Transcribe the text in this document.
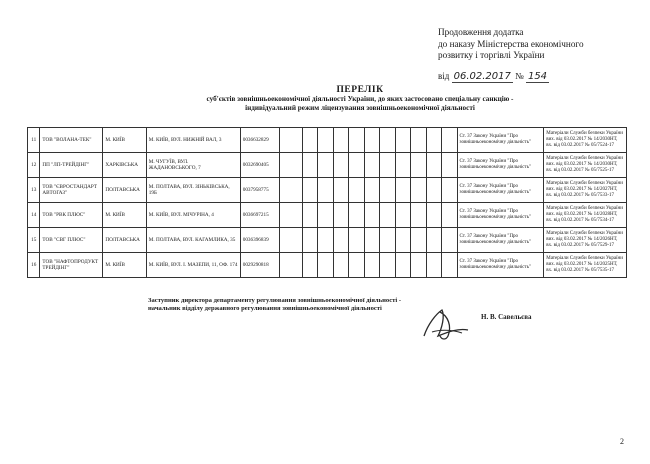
Продовження додатка
до наказу Міністерства економічного
розвитку і торгівлі України
від 06.02.2017 № 154
ПЕРЕЛІК
суб'єктів зовнішньоекономічної діяльності України, до яких застосовано спеціальну санкцію -
індивідуальний режим ліцензування зовнішньоекономічної діяльності
11	ТОВ "ВОЛАНА-ТЕК"	М. КИЇВ	М. КИЇВ, ВУЛ. НИЖНІЙ ВАЛ, 3	0036632829												Ст. 37 Закону України "Про зовнішньоекономічну діяльність"	Матеріали Служби безпеки України вих. від 03.02.2017 № 14/2030НТ, вх. від 03.02.2017 № 05/7524-17
12	ПП "ЛП-ТРЕЙДІНГ"	ХАРКІВСЬКА	М. ЧУГУЇВ, ВУЛ. ЖАДАНОВСЬКОГО, 7	0032690405												Ст. 37 Закону України "Про зовнішньоекономічну діяльність"	Матеріали Служби безпеки України вих. від 03.02.2017 № 14/2030НТ, вх. від 03.02.2017 № 05/7525-17
13	ТОВ "ЄВРОСТАНДАРТ АВТОГАЗ"	ПОЛТАВСЬКА	М. ПОЛТАВА, ВУЛ. ЗІНЬКІВСЬКА, 19Б	0037958775												Ст. 37 Закону України "Про зовнішньоекономічну діяльність"	Матеріали Служби безпеки України вих. від 03.02.2017 № 14/2027НТ, вх. від 03.02.2017 № 05/7533-17
14	ТОВ "РВК ПЛЮС"	М. КИЇВ	М. КИЇВ, ВУЛ. МІЧУРІНА, 4	0036697215												Ст. 37 Закону України "Про зовнішньоекономічну діяльність"	Матеріали Служби безпеки України вих. від 03.02.2017 № 14/2028НТ, вх. від 03.02.2017 № 05/7534-17
15	ТОВ "СВГ ПЛЮС"	ПОЛТАВСЬКА	М. ПОЛТАВА, ВУЛ. КАГАМЛИКА, 35	0036396839												Ст. 37 Закону України "Про зовнішньоекономічну діяльність"	Матеріали Служби безпеки України вих. від 03.02.2017 № 14/2026НТ, вх. від 03.02.2017 № 05/7529-17
16	ТОВ "НАФТОПРОДУКТ ТРЕЙДІНГ"	М. КИЇВ	М. КИЇВ, ВУЛ. І. МАЗЕПИ, 11, ОФ. 174	0029290818												Ст. 37 Закону України "Про зовнішньоекономічну діяльність"	Матеріали Служби безпеки України вих. від 03.02.2017 № 14/2025НТ, вх. від 03.02.2017 № 05/7535-17
Заступник директора департаменту регулювання зовнішньоекономічної діяльності -
начальник відділу державного регулювання зовнішньоекономічної діяльності
Н. В. Савельєва
2
